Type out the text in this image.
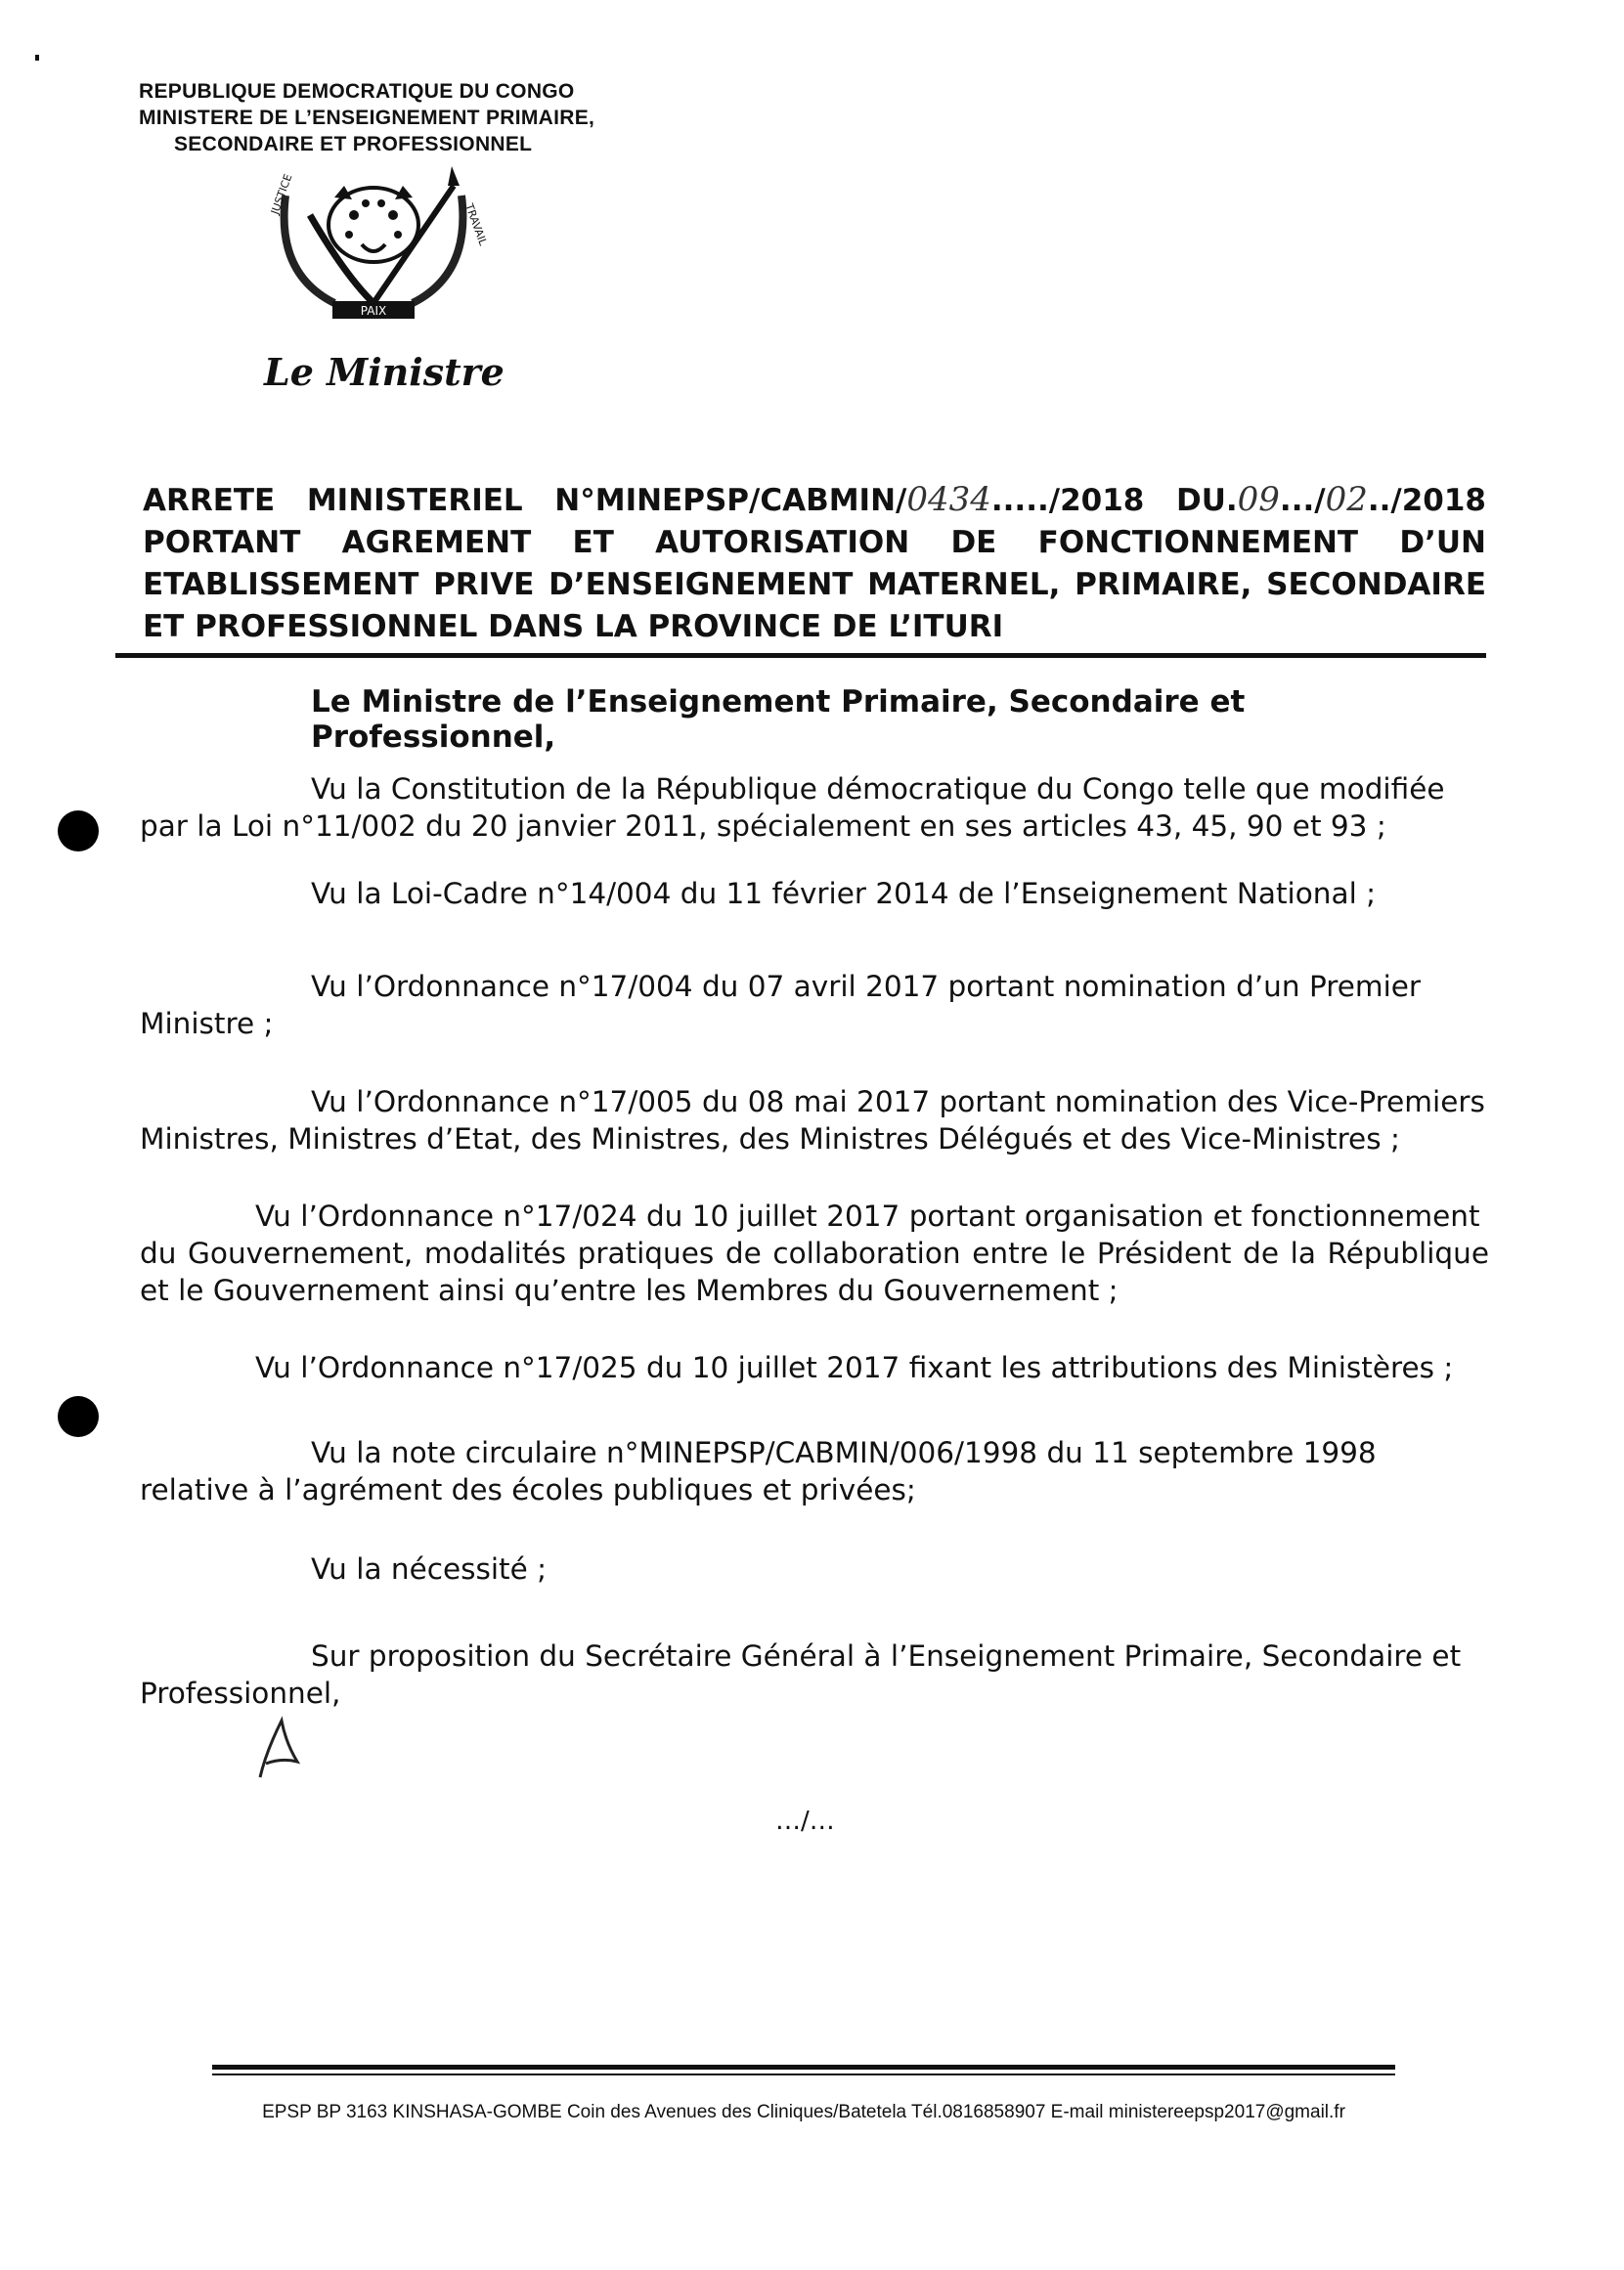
REPUBLIQUE DEMOCRATIQUE DU CONGO
MINISTERE DE L’ENSEIGNEMENT PRIMAIRE,
SECONDAIRE ET PROFESSIONNEL
PAIX
JUSTICE
TRAVAIL
Le Ministre
ARRETE MINISTERIEL N°MINEPSP/CABMIN/0434...../2018 DU.09.../02../2018
PORTANT AGREMENT ET AUTORISATION DE FONCTIONNEMENT D’UN
ETABLISSEMENT PRIVE D’ENSEIGNEMENT MATERNEL, PRIMAIRE, SECONDAIRE
ET PROFESSIONNEL DANS LA PROVINCE DE L’ITURI
Le Ministre de l’Enseignement Primaire, Secondaire et Professionnel,
Vu la Constitution de la République démocratique du Congo telle que modifiée
par la Loi n°11/002 du 20 janvier 2011, spécialement en ses articles 43, 45, 90 et 93 ;
Vu la Loi-Cadre n°14/004 du 11 février 2014 de l’Enseignement National ;
Vu l’Ordonnance n°17/004 du 07 avril 2017 portant nomination d’un Premier
Ministre ;
Vu l’Ordonnance n°17/005 du 08 mai 2017 portant nomination des Vice-Premiers
Ministres, Ministres d’Etat, des Ministres, des Ministres Délégués et des Vice-Ministres ;
Vu l’Ordonnance n°17/024 du 10 juillet 2017 portant organisation et fonctionnement
du Gouvernement, modalités pratiques de collaboration entre le Président de la République et le Gouvernement ainsi qu’entre les Membres du Gouvernement ;
Vu l’Ordonnance n°17/025 du 10 juillet 2017 fixant les attributions des Ministères ;
Vu la note circulaire n°MINEPSP/CABMIN/006/1998 du 11 septembre 1998
relative à l’agrément des écoles publiques et privées;
Vu la nécessité ;
Sur proposition du Secrétaire Général à l’Enseignement Primaire, Secondaire et
Professionnel,
…/…
EPSP BP 3163 KINSHASA-GOMBE Coin des Avenues des Cliniques/Batetela Tél.0816858907 E-mail ministereepsp2017@gmail.fr
